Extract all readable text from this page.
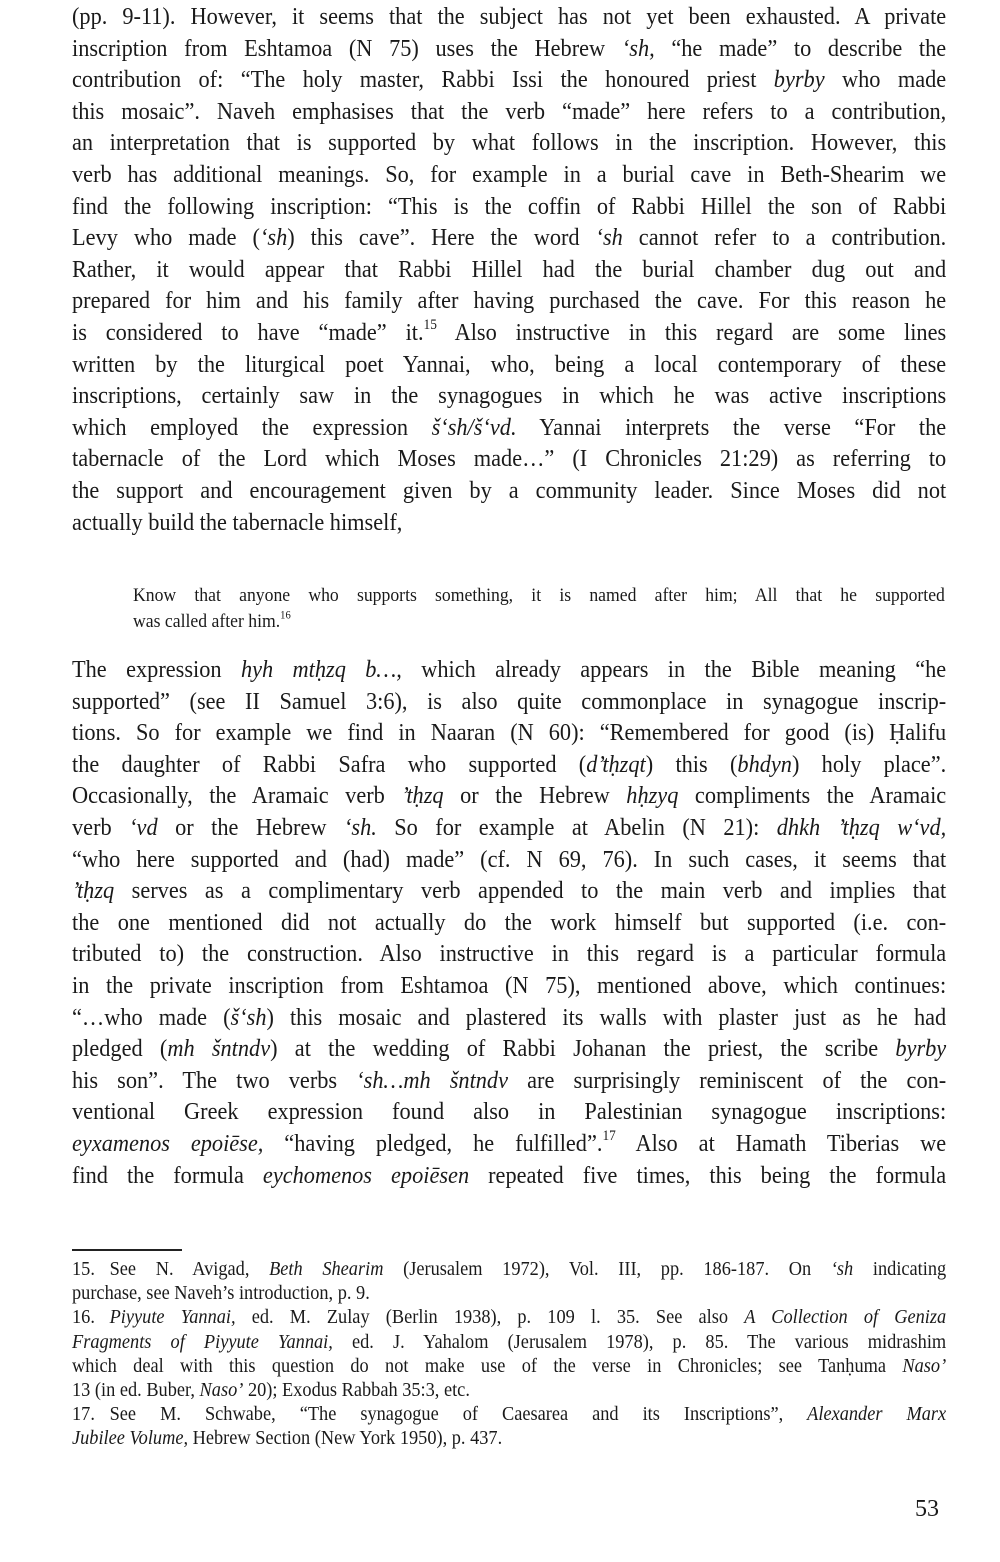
(pp. 9-11). However, it seems that the subject has not yet been exhausted. A private
inscription from Eshtamoa (N 75) uses the Hebrew ‘sh, “he made” to describe the
contribution of: “The holy master, Rabbi Issi the honoured priest byrby who made
this mosaic”. Naveh emphasises that the verb “made” here refers to a contribution,
an interpretation that is supported by what follows in the inscription. However, this
verb has additional meanings. So, for example in a burial cave in Beth-Shearim we
find the following inscription: “This is the coffin of Rabbi Hillel the son of Rabbi
Levy who made (‘sh) this cave”. Here the word ‘sh cannot refer to a contribution.
Rather, it would appear that Rabbi Hillel had the burial chamber dug out and
prepared for him and his family after having purchased the cave. For this reason he
is considered to have “made” it.$^{15}$ Also instructive in this regard are some lines
written by the liturgical poet Yannai, who, being a local contemporary of these
inscriptions, certainly saw in the synagogues in which he was active inscriptions
which employed the expression š‘sh/š‘vd. Yannai interprets the verse “For the
tabernacle of the Lord which Moses made…” (I Chronicles 21:29) as referring to
the support and encouragement given by a community leader. Since Moses did not
actually build the tabernacle himself,
Know that anyone who supports something, it is named after him; All that he supported
was called after him.$^{16}$
The expression hyh mtḥzq b…, which already appears in the Bible meaning “he
supported” (see II Samuel 3:6), is also quite commonplace in synagogue inscrip-
tions. So for example we find in Naaran (N 60): “Remembered for good (is) Ḥalifu
the daughter of Rabbi Safra who supported (d’tḥzqt) this (bhdyn) holy place”.
Occasionally, the Aramaic verb ’tḥzq or the Hebrew hḥzyq compliments the Aramaic
verb ‘vd or the Hebrew ‘sh. So for example at Abelin (N 21): dhkh ’tḥzq w‘vd,
“who here supported and (had) made” (cf. N 69, 76). In such cases, it seems that
’tḥzq serves as a complimentary verb appended to the main verb and implies that
the one mentioned did not actually do the work himself but supported (i.e. con-
tributed to) the construction. Also instructive in this regard is a particular formula
in the private inscription from Eshtamoa (N 75), mentioned above, which continues:
“…who made (š‘sh) this mosaic and plastered its walls with plaster just as he had
pledged (mh šntndv) at the wedding of Rabbi Johanan the priest, the scribe byrby
his son”. The two verbs ‘sh…mh šntndv are surprisingly reminiscent of the con-
ventional Greek expression found also in Palestinian synagogue inscriptions:
eyxamenos epoiēse, “having pledged, he fulfilled”.$^{17}$ Also at Hamath Tiberias we
find the formula eychomenos epoiēsen repeated five times, this being the formula
15. See N. Avigad, Beth Shearim (Jerusalem 1972), Vol. III, pp. 186-187. On ‘sh indicating
purchase, see Naveh’s introduction, p. 9.
16. Piyyute Yannai, ed. M. Zulay (Berlin 1938), p. 109 l. 35. See also A Collection of Geniza
Fragments of Piyyute Yannai, ed. J. Yahalom (Jerusalem 1978), p. 85. The various midrashim
which deal with this question do not make use of the verse in Chronicles; see Tanḥuma Naso’
13 (in ed. Buber, Naso’ 20); Exodus Rabbah 35:3, etc.
17. See M. Schwabe, “The synagogue of Caesarea and its Inscriptions”, Alexander Marx
Jubilee Volume, Hebrew Section (New York 1950), p. 437.
53
